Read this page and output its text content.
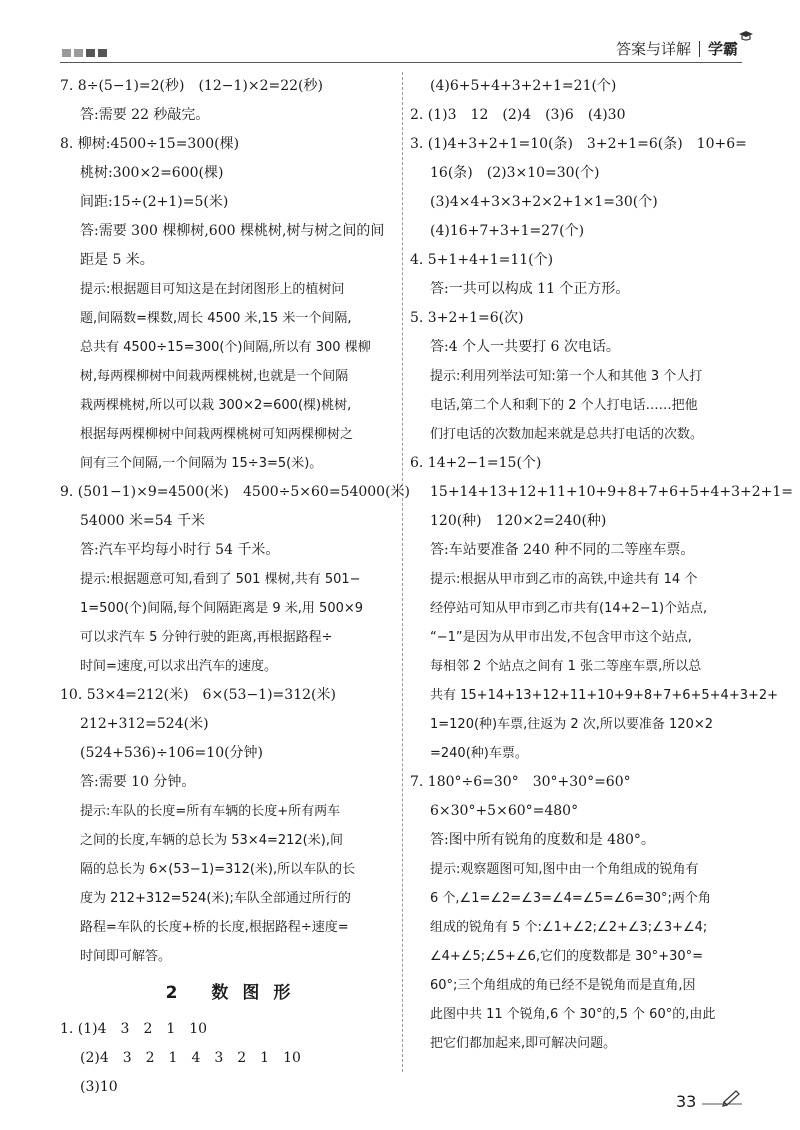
答案与详解 学霸
7. 8÷(5−1)=2(秒)　(12−1)×2=22(秒)
答:需要 22 秒敲完。
8. 柳树:4500÷15=300(棵)
桃树:300×2=600(棵)
间距:15÷(2+1)=5(米)
答:需要 300 棵柳树,600 棵桃树,树与树之间的间
距是 5 米。
提示:根据题目可知这是在封闭图形上的植树问
题,间隔数=棵数,周长 4500 米,15 米一个间隔,
总共有 4500÷15=300(个)间隔,所以有 300 棵柳
树,每两棵柳树中间栽两棵桃树,也就是一个间隔
栽两棵桃树,所以可以栽 300×2=600(棵)桃树,
根据每两棵柳树中间栽两棵桃树可知两棵柳树之
间有三个间隔,一个间隔为 15÷3=5(米)。
9. (501−1)×9=4500(米)　4500÷5×60=54000(米)
54000 米=54 千米
答:汽车平均每小时行 54 千米。
提示:根据题意可知,看到了 501 棵树,共有 501−
1=500(个)间隔,每个间隔距离是 9 米,用 500×9
可以求汽车 5 分钟行驶的距离,再根据路程÷
时间=速度,可以求出汽车的速度。
10. 53×4=212(米)　6×(53−1)=312(米)
212+312=524(米)
(524+536)÷106=10(分钟)
答:需要 10 分钟。
提示:车队的长度=所有车辆的长度+所有两车
之间的长度,车辆的总长为 53×4=212(米),间
隔的总长为 6×(53−1)=312(米),所以车队的长
度为 212+312=524(米);车队全部通过所行的
路程=车队的长度+桥的长度,根据路程÷速度=
时间即可解答。
2 数图形
1. (1)4　3　2　1　10
(2)4　3　2　1　4　3　2　1　10
(3)10
(4)6+5+4+3+2+1=21(个)
2. (1)3　12　(2)4　(3)6　(4)30
3. (1)4+3+2+1=10(条)　3+2+1=6(条)　10+6=
16(条)　(2)3×10=30(个)
(3)4×4+3×3+2×2+1×1=30(个)
(4)16+7+3+1=27(个)
4. 5+1+4+1=11(个)
答:一共可以构成 11 个正方形。
5. 3+2+1=6(次)
答:4 个人一共要打 6 次电话。
提示:利用列举法可知:第一个人和其他 3 个人打
电话,第二个人和剩下的 2 个人打电话……把他
们打电话的次数加起来就是总共打电话的次数。
6. 14+2−1=15(个)
15+14+13+12+11+10+9+8+7+6+5+4+3+2+1=
120(种)　120×2=240(种)
答:车站要准备 240 种不同的二等座车票。
提示:根据从甲市到乙市的高铁,中途共有 14 个
经停站可知从甲市到乙市共有(14+2−1)个站点,
“−1”是因为从甲市出发,不包含甲市这个站点,
每相邻 2 个站点之间有 1 张二等座车票,所以总
共有 15+14+13+12+11+10+9+8+7+6+5+4+3+2+
1=120(种)车票,往返为 2 次,所以要准备 120×2
=240(种)车票。
7. 180°÷6=30°　30°+30°=60°
6×30°+5×60°=480°
答:图中所有锐角的度数和是 480°。
提示:观察题图可知,图中由一个角组成的锐角有
6 个,∠1=∠2=∠3=∠4=∠5=∠6=30°;两个角
组成的锐角有 5 个:∠1+∠2;∠2+∠3;∠3+∠4;
∠4+∠5;∠5+∠6,它们的度数都是 30°+30°=
60°;三个角组成的角已经不是锐角而是直角,因
此图中共 11 个锐角,6 个 30°的,5 个 60°的,由此
把它们都加起来,即可解决问题。
33
